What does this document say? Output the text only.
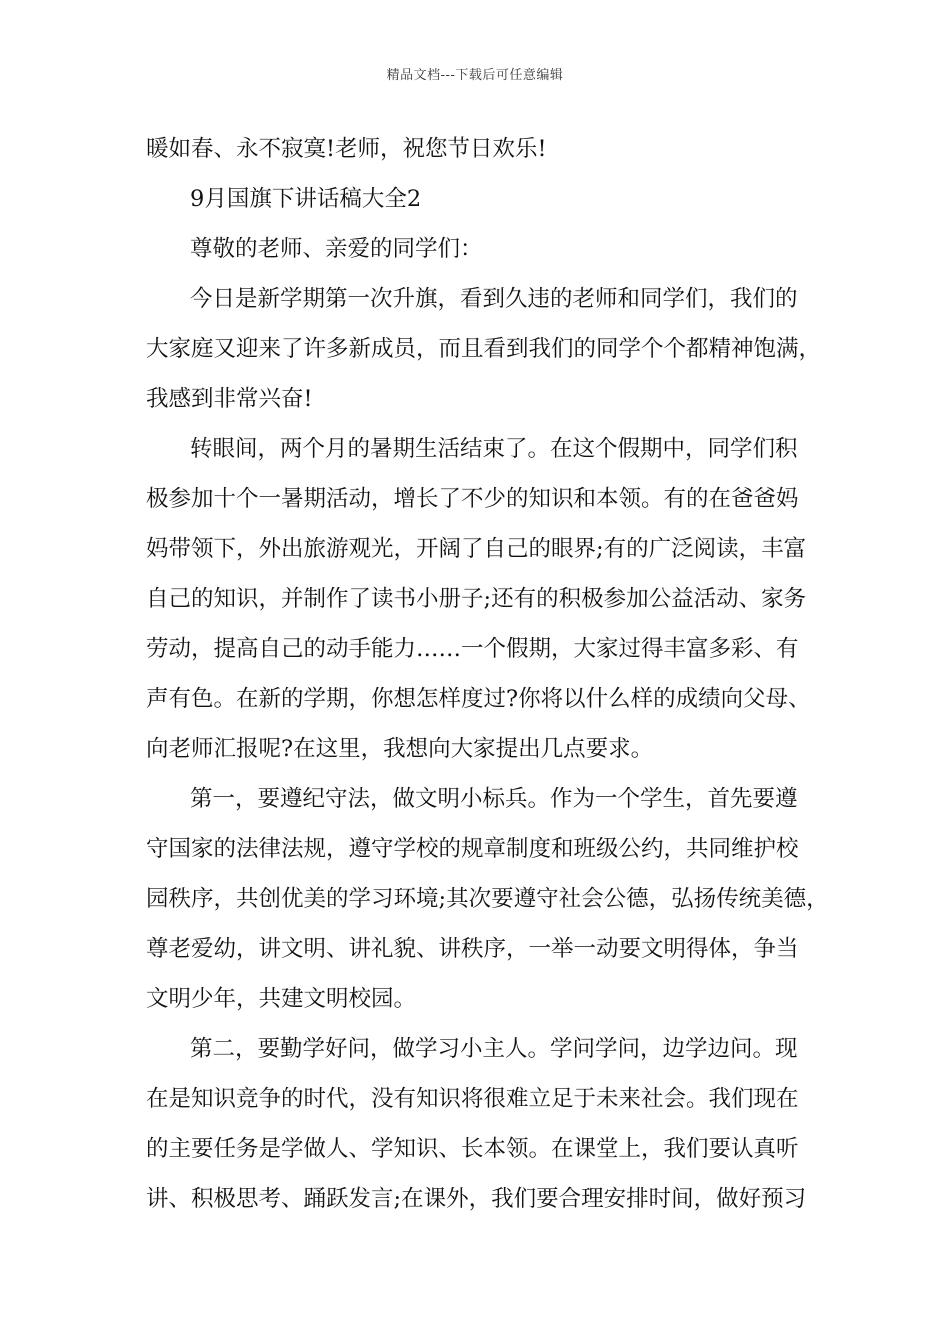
精品文档---下载后可任意编辑
暖如春、永不寂寞!老师，祝您节日欢乐!
9月国旗下讲话稿大全2
尊敬的老师、亲爱的同学们：
今日是新学期第一次升旗，看到久违的老师和同学们，我们的
大家庭又迎来了许多新成员，而且看到我们的同学个个都精神饱满，
我感到非常兴奋!
转眼间，两个月的暑期生活结束了。在这个假期中，同学们积
极参加十个一暑期活动，增长了不少的知识和本领。有的在爸爸妈
妈带领下，外出旅游观光，开阔了自己的眼界;有的广泛阅读，丰富
自己的知识，并制作了读书小册子;还有的积极参加公益活动、家务
劳动，提高自己的动手能力……一个假期，大家过得丰富多彩、有
声有色。在新的学期，你想怎样度过?你将以什么样的成绩向父母、
向老师汇报呢?在这里，我想向大家提出几点要求。
第一，要遵纪守法，做文明小标兵。作为一个学生，首先要遵
守国家的法律法规，遵守学校的规章制度和班级公约，共同维护校
园秩序，共创优美的学习环境;其次要遵守社会公德，弘扬传统美德，
尊老爱幼，讲文明、讲礼貌、讲秩序，一举一动要文明得体，争当
文明少年，共建文明校园。
第二，要勤学好问，做学习小主人。学问学问，边学边问。现
在是知识竞争的时代，没有知识将很难立足于未来社会。我们现在
的主要任务是学做人、学知识、长本领。在课堂上，我们要认真听
讲、积极思考、踊跃发言;在课外，我们要合理安排时间，做好预习
